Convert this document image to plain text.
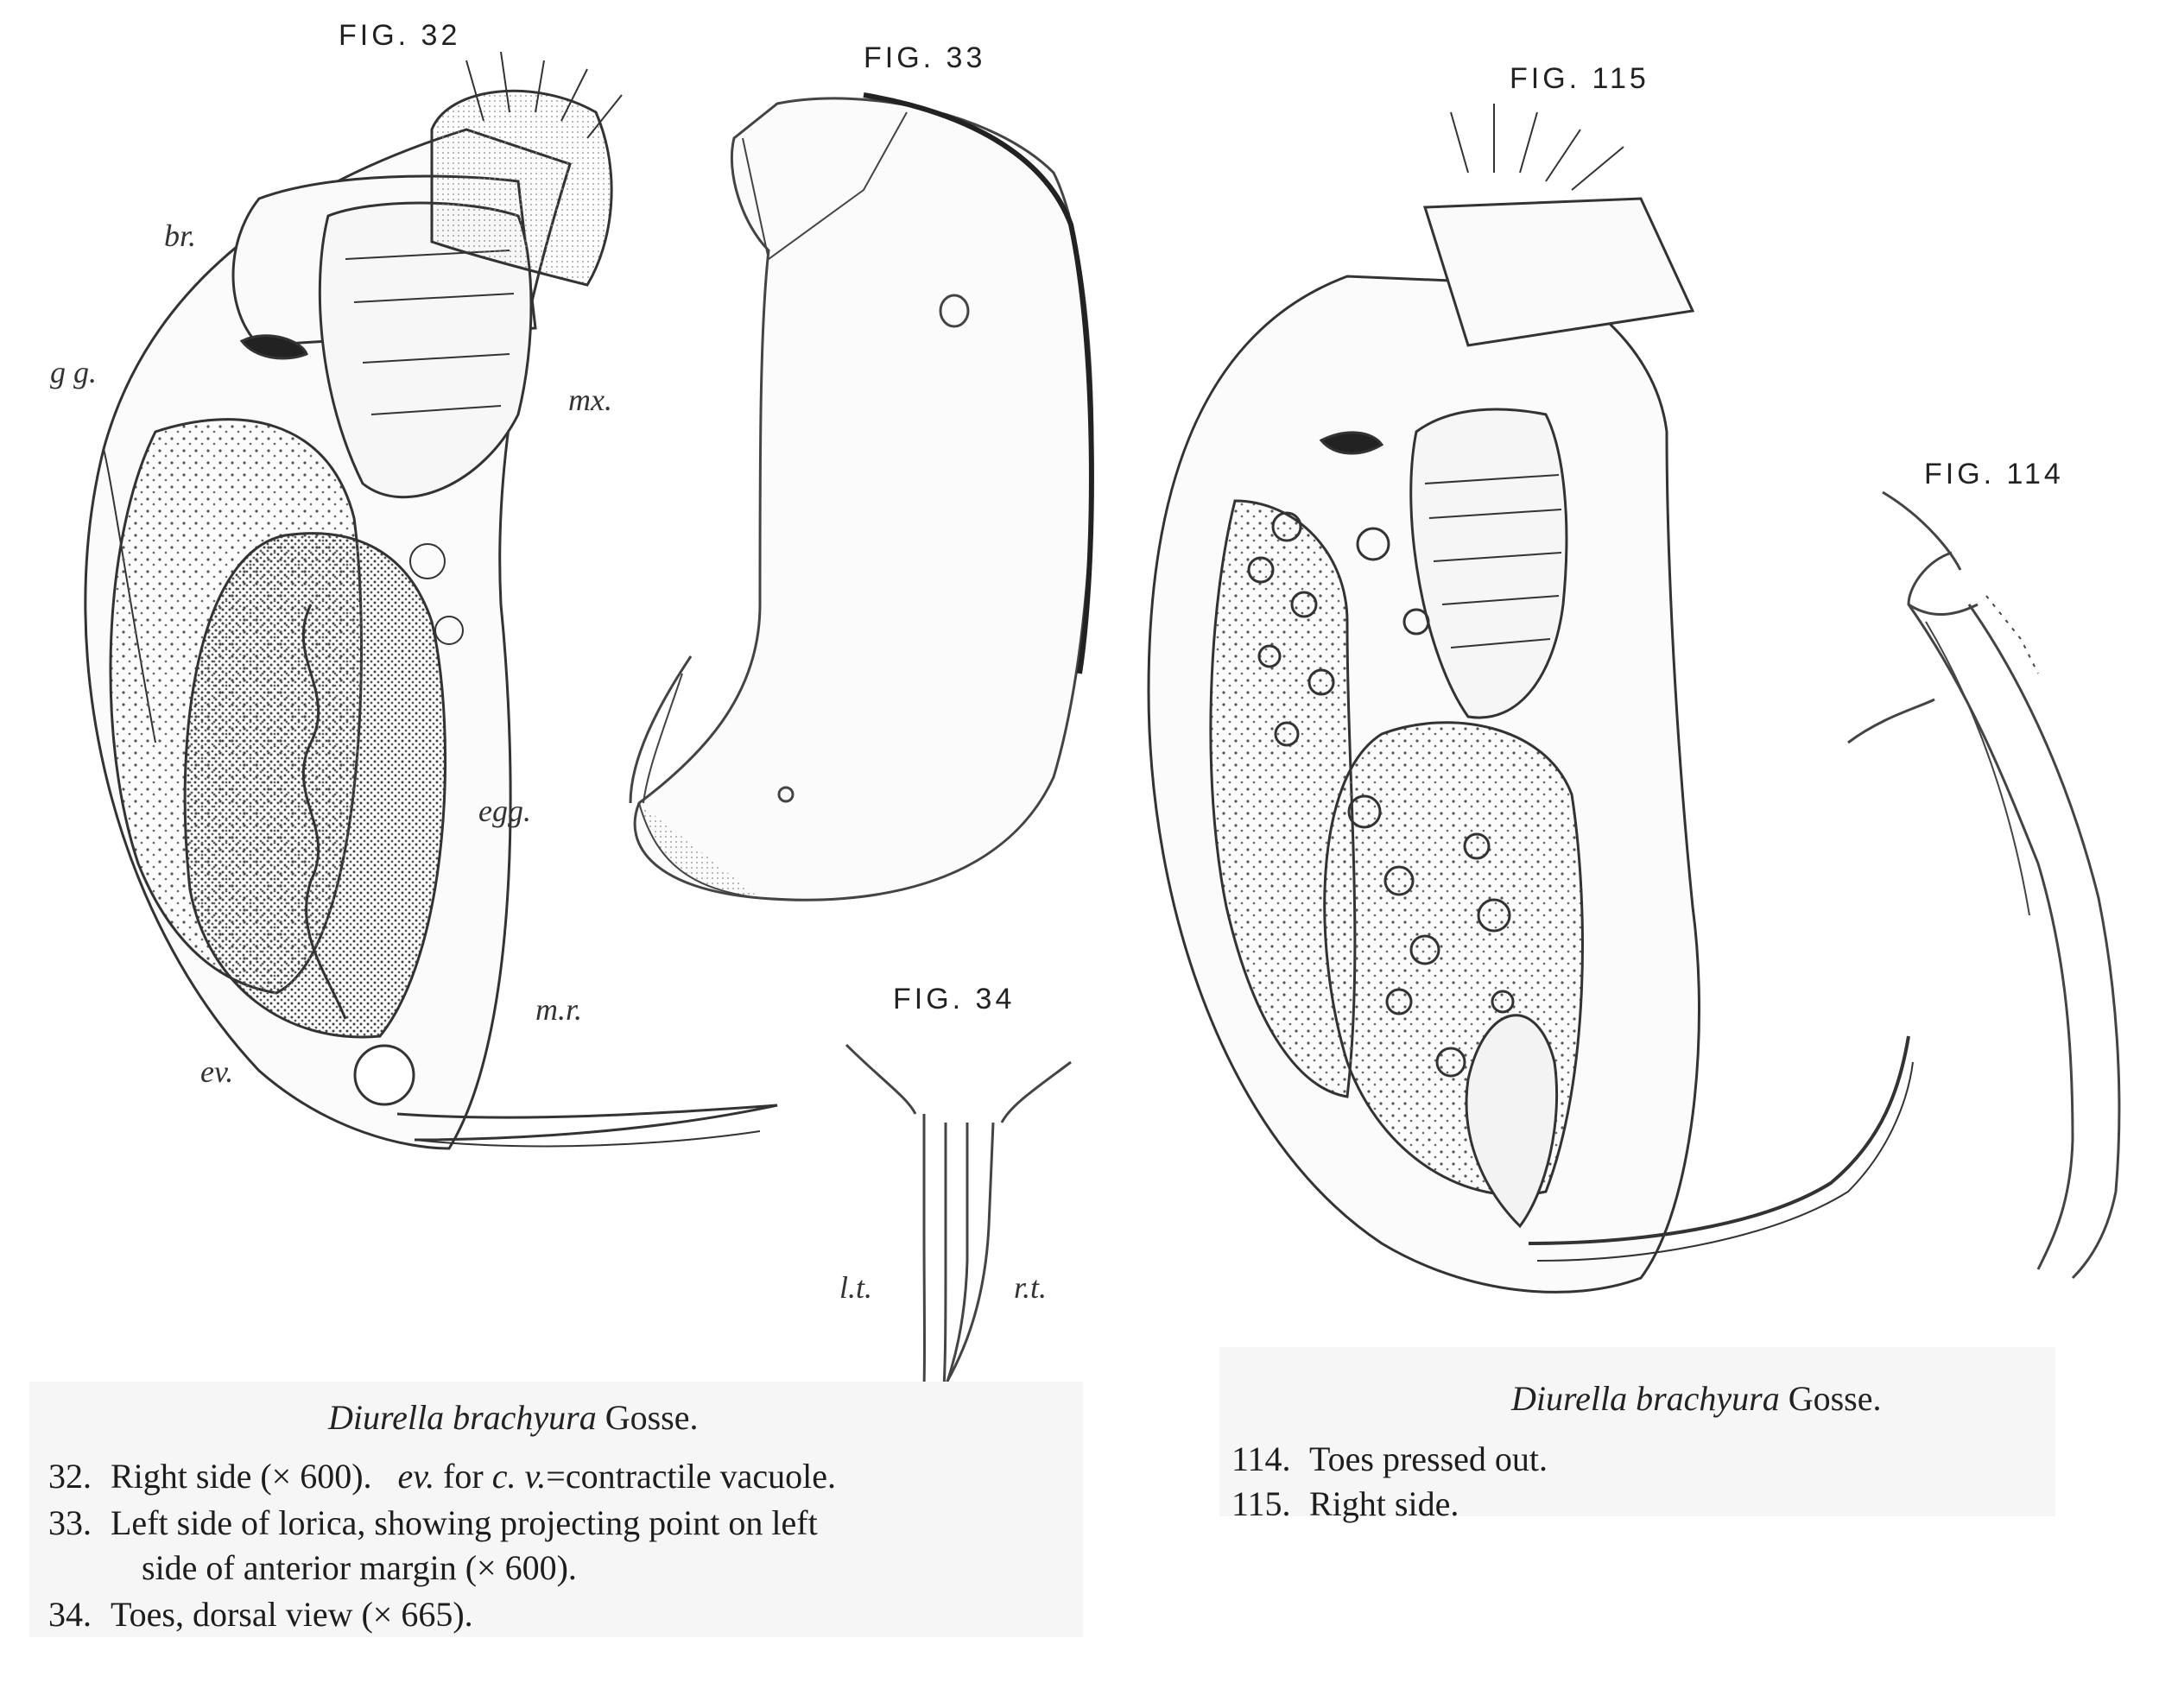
FIG. 32
FIG. 33
FIG. 115
FIG. 114
FIG. 34
br.
g g.
mx.
egg.
m.r.
ev.
l.t.	r.t.
Diurella brachyura Gosse.
32. Right side (× 600). ev. for c. v.=contractile vacuole.
33. Left side of lorica, showing projecting point on left
side of anterior margin (× 600).
34. Toes, dorsal view (× 665).
Diurella brachyura Gosse.
114. Toes pressed out.
115. Right side.
